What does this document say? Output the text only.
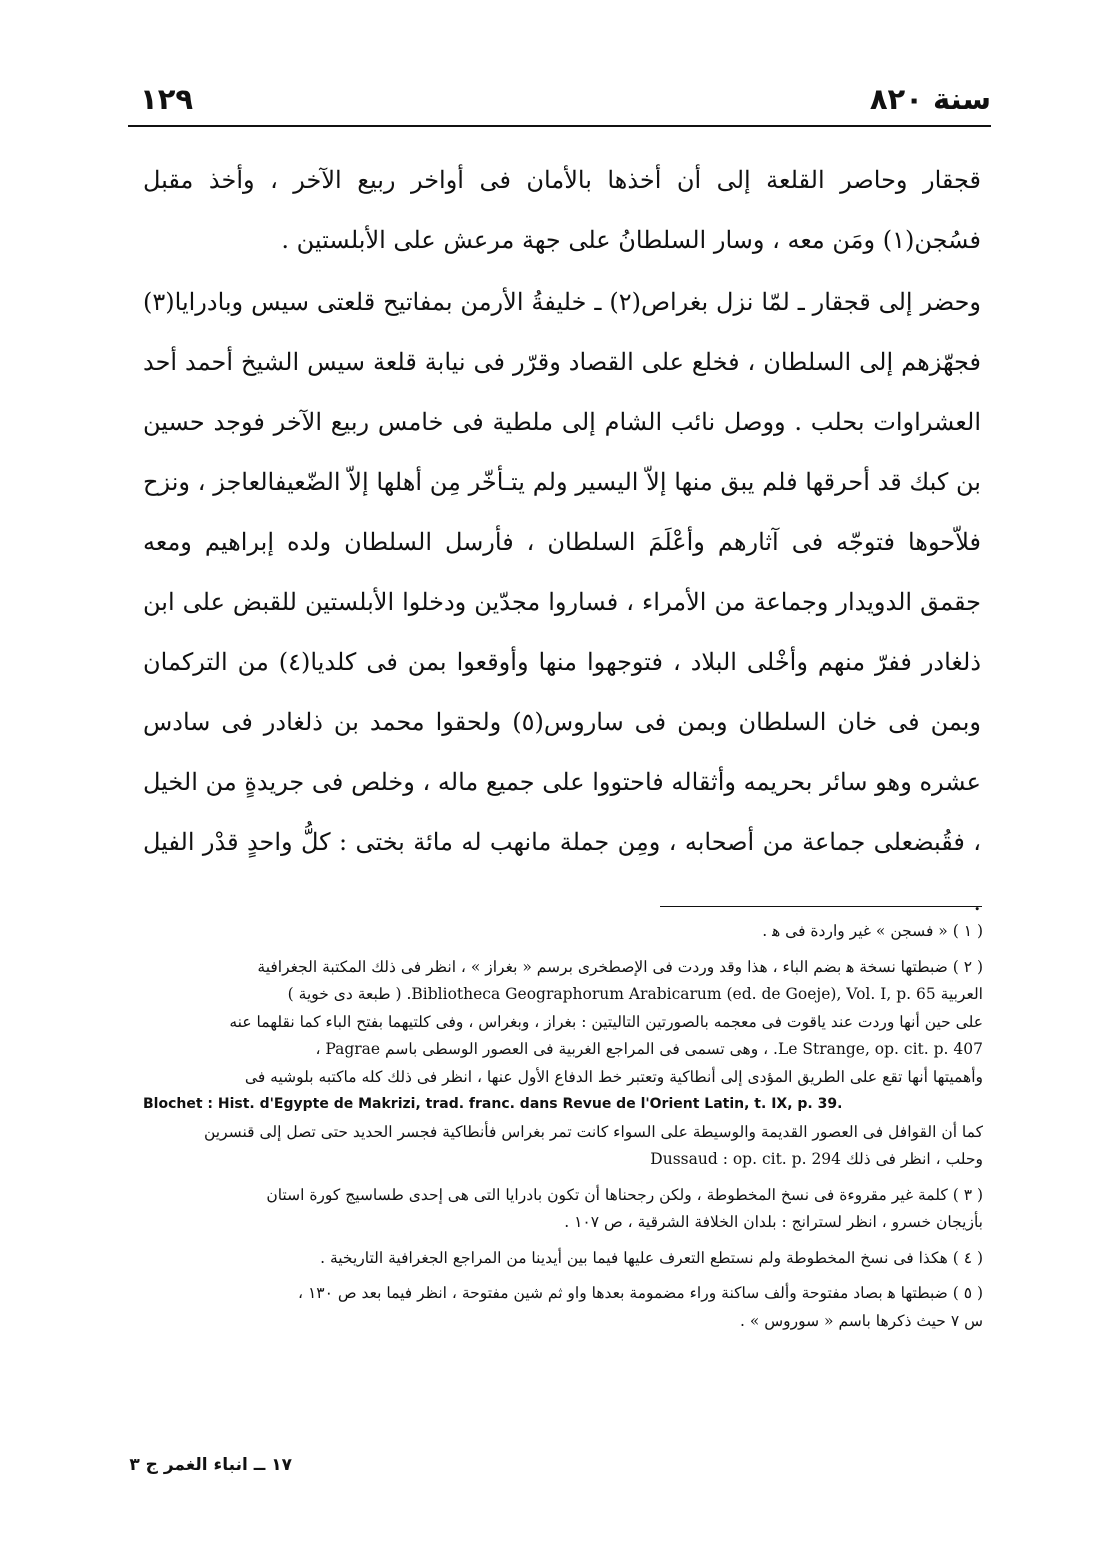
سنة ٨٢٠
١٢٩

قجقار وحاصر القلعة إلى أن أخذها بالأمان فى أواخر ربيع الآخر ، وأخذ مقبل فسُجن(١) ومَن معه ، وسار السلطانُ على جهة مرعش على الأبلستين .

وحضر إلى قجقار ـ لمّا نزل بغراص(٢) ـ خليفةُ الأرمن بمفاتيح قلعتى سيس وبادرايا(٣) فجهّزهم إلى السلطان ، فخلع على القصاد وقرّر فى نيابة قلعة سيس الشيخ أحمد أحد العشراوات بحلب . ووصل نائب الشام إلى ملطية فى خامس ربيع الآخر فوجد حسين بن كبك قد أحرقها فلم يبق منها إلاّ اليسير ولم يتـأخّر مِن أهلها إلاّ الضّعيفالعاجز ، ونزح فلاّحوها فتوجّه فى آثارهم وأعْلَمَ السلطان ، فأرسل السلطان ولده إبراهيم ومعه جقمق الدويدار وجماعة من الأمراء ، فساروا مجدّين ودخلوا الأبلستين للقبض على ابن ذلغادر ففرّ منهم وأخْلى البلاد ، فتوجهوا منها وأوقعوا بمن فى كلديا(٤) من التركمان وبمن فى خان السلطان وبمن فى ساروس(٥) ولحقوا محمد بن ذلغادر فى سادس عشره وهو سائر بحريمه وأثقاله فاحتووا على جميع ماله ، وخلص فى جريدةٍ من الخيل ، فقُبضعلى جماعة من أصحابه ، ومِن جملة مانهب له مائة بختى : كلُّ واحدٍ قدْر الفيل .

( ١ ) « فسجن » غير واردة فى ﻫ .
( ٢ ) ضبطتها نسخة ﻫ بضم الباء ، هذا وقد وردت فى الإصطخرى برسم « بغراز » ، انظر فى ذلك المكتبة الجغرافية
العربية Bibliotheca Geographorum Arabicarum (ed. de Goeje), Vol. I, p. 65. ( طبعة دى خوية )
على حين أنها وردت عند ياقوت فى معجمه بالصورتين التاليتين : بغراز ، وبغراس ، وفى كلتيهما بفتح الباء كما نقلهما عنه
Le Strange, op. cit. p. 407. ، وهى تسمى فى المراجع الغربية فى العصور الوسطى باسم Pagrae ،
وأهميتها أنها تقع على الطريق المؤدى إلى أنطاكية وتعتبر خط الدفاع الأول عنها ، انظر فى ذلك كله ماكتبه بلوشيه فى
Blochet : Hist. d'Egypte de Makrizi, trad. franc. dans Revue de l'Orient Latin, t. IX, p. 39.
كما أن القوافل فى العصور القديمة والوسيطة على السواء كانت تمر بغراس فأنطاكية فجسر الحديد حتى تصل إلى قنسرين
وحلب ، انظر فى ذلك Dussaud : op. cit. p. 294
( ٣ ) كلمة غير مقروءة فى نسخ المخطوطة ، ولكن رجحناها أن تكون بادرايا التى هى إحدى طساسيج كورة استان
بأزيجان خسرو ، انظر لسترانج : بلدان الخلافة الشرقية ، ص ١٠٧ .
( ٤ ) هكذا فى نسخ المخطوطة ولم نستطع التعرف عليها فيما بين أيدينا من المراجع الجغرافية التاريخية .
( ٥ ) ضبطتها ﻫ بصاد مفتوحة وألف ساكنة وراء مضمومة بعدها واو ثم شين مفتوحة ، انظر فيما بعد ص ١٣٠ ،
س ٧ حيث ذكرها باسم « سوروس » .
١٧ ــ انباء الغمر ج ٣
